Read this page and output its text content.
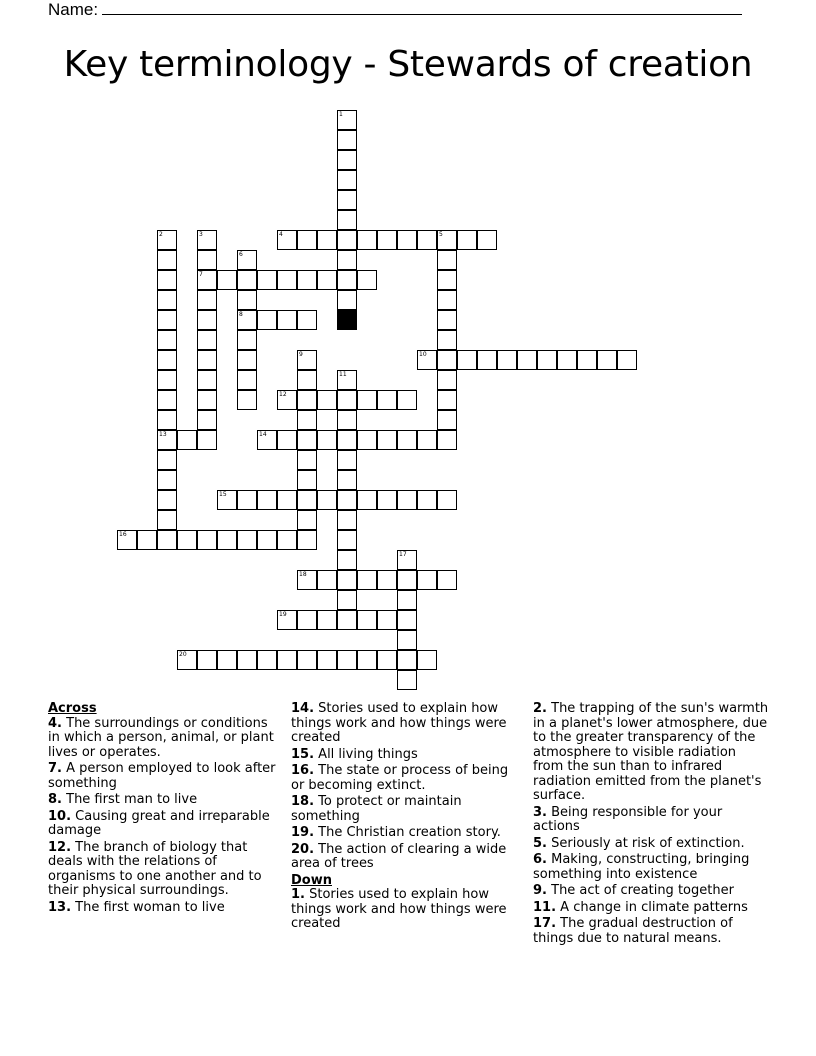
Name:
Key terminology - Stewards of creation
4	5
7
8
10
12
13	14
15
16
18
19
20
1
2	3
6
9
11
17
Across
4. The surroundings or conditions in which a person, animal, or plant lives or operates.
7. A person employed to look after something
8. The first man to live
10. Causing great and irreparable damage
12. The branch of biology that deals with the relations of organisms to one another and to their physical surroundings.
13. The first woman to live
14. Stories used to explain how things work and how things were created
15. All living things
16. The state or process of being or becoming extinct.
18. To protect or maintain something
19. The Christian creation story.
20. The action of clearing a wide area of trees
Down
1. Stories used to explain how things work and how things were created
2. The trapping of the sun's warmth in a planet's lower atmosphere, due to the greater transparency of the atmosphere to visible radiation from the sun than to infrared radiation emitted from the planet's surface.
3. Being responsible for your actions
5. Seriously at risk of extinction.
6. Making, constructing, bringing something into existence
9. The act of creating together
11. A change in climate patterns
17. The gradual destruction of things due to natural means.
